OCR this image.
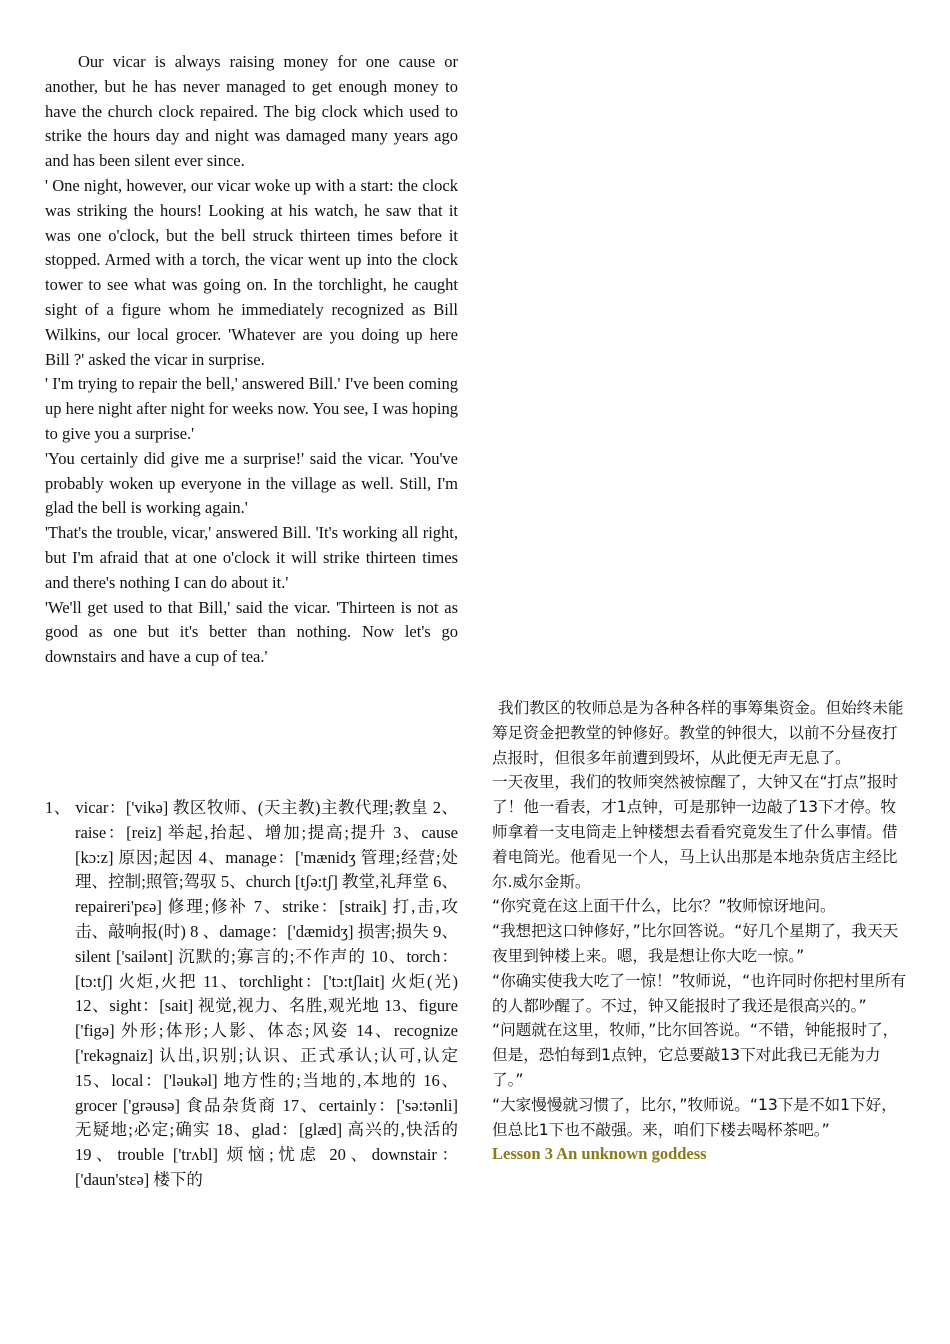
Our vicar is always raising money for one cause or another, but he has never managed to get enough money to have the church clock repaired. The big clock which used to strike the hours day and night was damaged many years ago and has been silent ever since.

' One night, however, our vicar woke up with a start: the clock was striking the hours! Looking at his watch, he saw that it was one o'clock, but the bell struck thirteen times before it stopped. Armed with a torch, the vicar went up into the clock tower to see what was going on. In the torchlight, he caught sight of a figure whom he immediately recognized as Bill Wilkins, our local grocer. 'Whatever are you doing up here Bill ?' asked the vicar in surprise.

' I'm trying to repair the bell,' answered Bill.' I've been coming up here night after night for weeks now. You see, I was hoping to give you a surprise.'

'You certainly did give me a surprise!' said the vicar. 'You've probably woken up everyone in the village as well. Still, I'm glad the bell is working again.'

'That's the trouble, vicar,' answered Bill. 'It's working all right, but I'm afraid that at one o'clock it will strike thirteen times and there's nothing I can do about it.'

'We'll get used to that Bill,' said the vicar. 'Thirteen is not as good as one but it's better than nothing. Now let's go downstairs and have a cup of tea.'

1、 vicar：['vikə] 教区牧师、(天主教)主教代理;教皇 2、raise：[reiz] 举起,抬起、增加;提高;提升 3、cause [kɔ:z] 原因;起因 4、manage：['mænidʒ 管理;经营;处理、控制;照管;驾驭 5、church [tʃə:tʃ] 教堂,礼拜堂 6、repaireri'pεə] 修理;修补 7、strike：[straik] 打,击,攻击、敲响报(时) 8 、damage：['dæmidʒ] 损害;损失 9、silent ['sailənt] 沉默的;寡言的;不作声的 10、torch：[tɔ:tʃ] 火炬,火把 11、torchlight：['tɔ:tʃlait] 火炬(光) 12、sight：[sait] 视觉,视力、名胜,观光地 13、figure ['figə] 外形;体形;人影、体态;风姿 14、recognize ['rekəgnaiz] 认出,识别;认识、正式承认;认可,认定 15、local：['ləukəl] 地方性的;当地的,本地的 16、grocer ['grəusə] 食品杂货商 17、certainly：['sə:tənli] 无疑地;必定;确实 18、glad：[glæd] 高兴的,快活的 19、trouble ['trʌbl] 烦恼;忧虑 20、downstair：['daun'stεə] 楼下的

我们教区的牧师总是为各种各样的事筹集资金。但始终未能筹足资金把教堂的钟修好。教堂的钟很大，以前不分昼夜打点报时，但很多年前遭到毁坏，从此便无声无息了。

一天夜里，我们的牧师突然被惊醒了，大钟又在“打点”报时了！他一看表，才1点钟，可是那钟一边敲了13下才停。牧师拿着一支电筒走上钟楼想去看看究竟发生了什么事情。借着电筒光。他看见一个人，马上认出那是本地杂货店主经比尔.威尔金斯。

“你究竟在这上面干什么，比尔？”牧师惊讶地问。

“我想把这口钟修好，”比尔回答说。“好几个星期了，我天天夜里到钟楼上来。嗯，我是想让你大吃一惊。”

“你确实使我大吃了一惊！”牧师说，“也许同时你把村里所有的人都吵醒了。不过，钟又能报时了我还是很高兴的。”

“问题就在这里，牧师，”比尔回答说。“不错，钟能报时了，但是，恐怕每到1点钟，它总要敲13下对此我已无能为力了。”

“大家慢慢就习惯了，比尔，”牧师说。“13下是不如1下好，但总比1下也不敲强。来，咱们下楼去喝杯茶吧。”

Lesson 3 An unknown goddess
